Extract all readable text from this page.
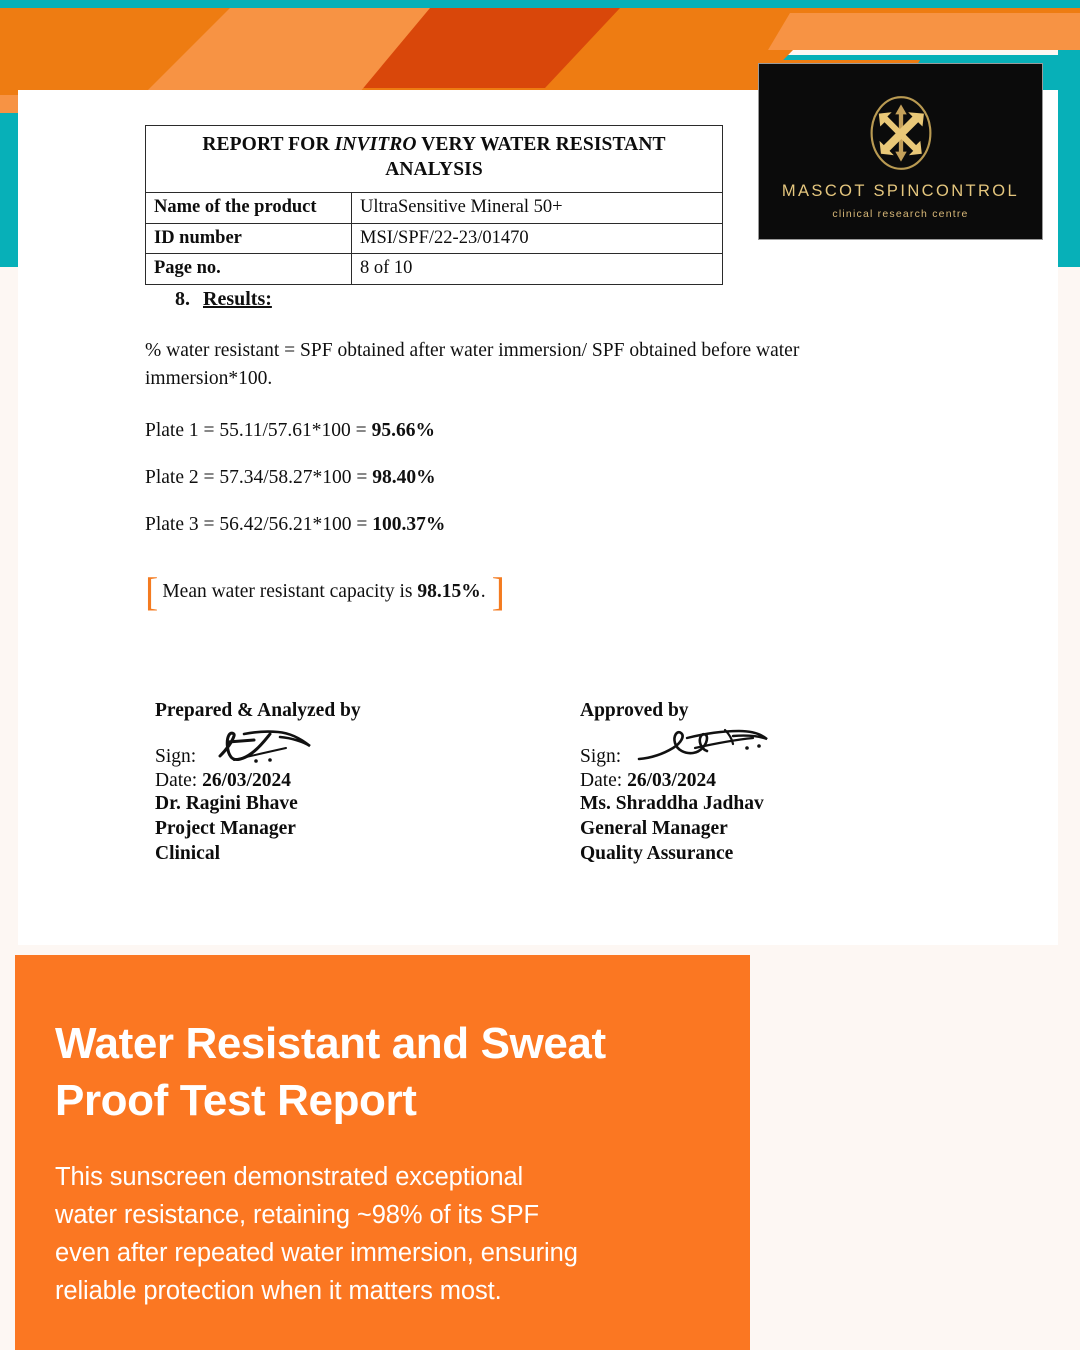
MASCOT SPINCONTROL
clinical research centre
REPORT FOR INVITRO VERY WATER RESISTANT ANALYSIS	
Name of the product	UltraSensitive Mineral 50+
ID number	MSI/SPF/22-23/01470
Page no.	8 of 10
8. Results:
% water resistant = SPF obtained after water immersion/ SPF obtained before water immersion*100.
Plate 1 = 55.11/57.61*100 = 95.66%
Plate 2 = 57.34/58.27*100 = 98.40%
Plate 3 = 56.42/56.21*100 = 100.37%
[ Mean water resistant capacity is 98.15%. ]
Prepared & Analyzed by
Sign:
Date: 26/03/2024
Dr. Ragini Bhave
Project Manager
Clinical
Approved by
Sign:
Date: 26/03/2024
Ms. Shraddha Jadhav
General Manager
Quality Assurance
Water Resistant and Sweat
Proof Test Report
This sunscreen demonstrated exceptional
water resistance, retaining ~98% of its SPF
even after repeated water immersion, ensuring
reliable protection when it matters most.
